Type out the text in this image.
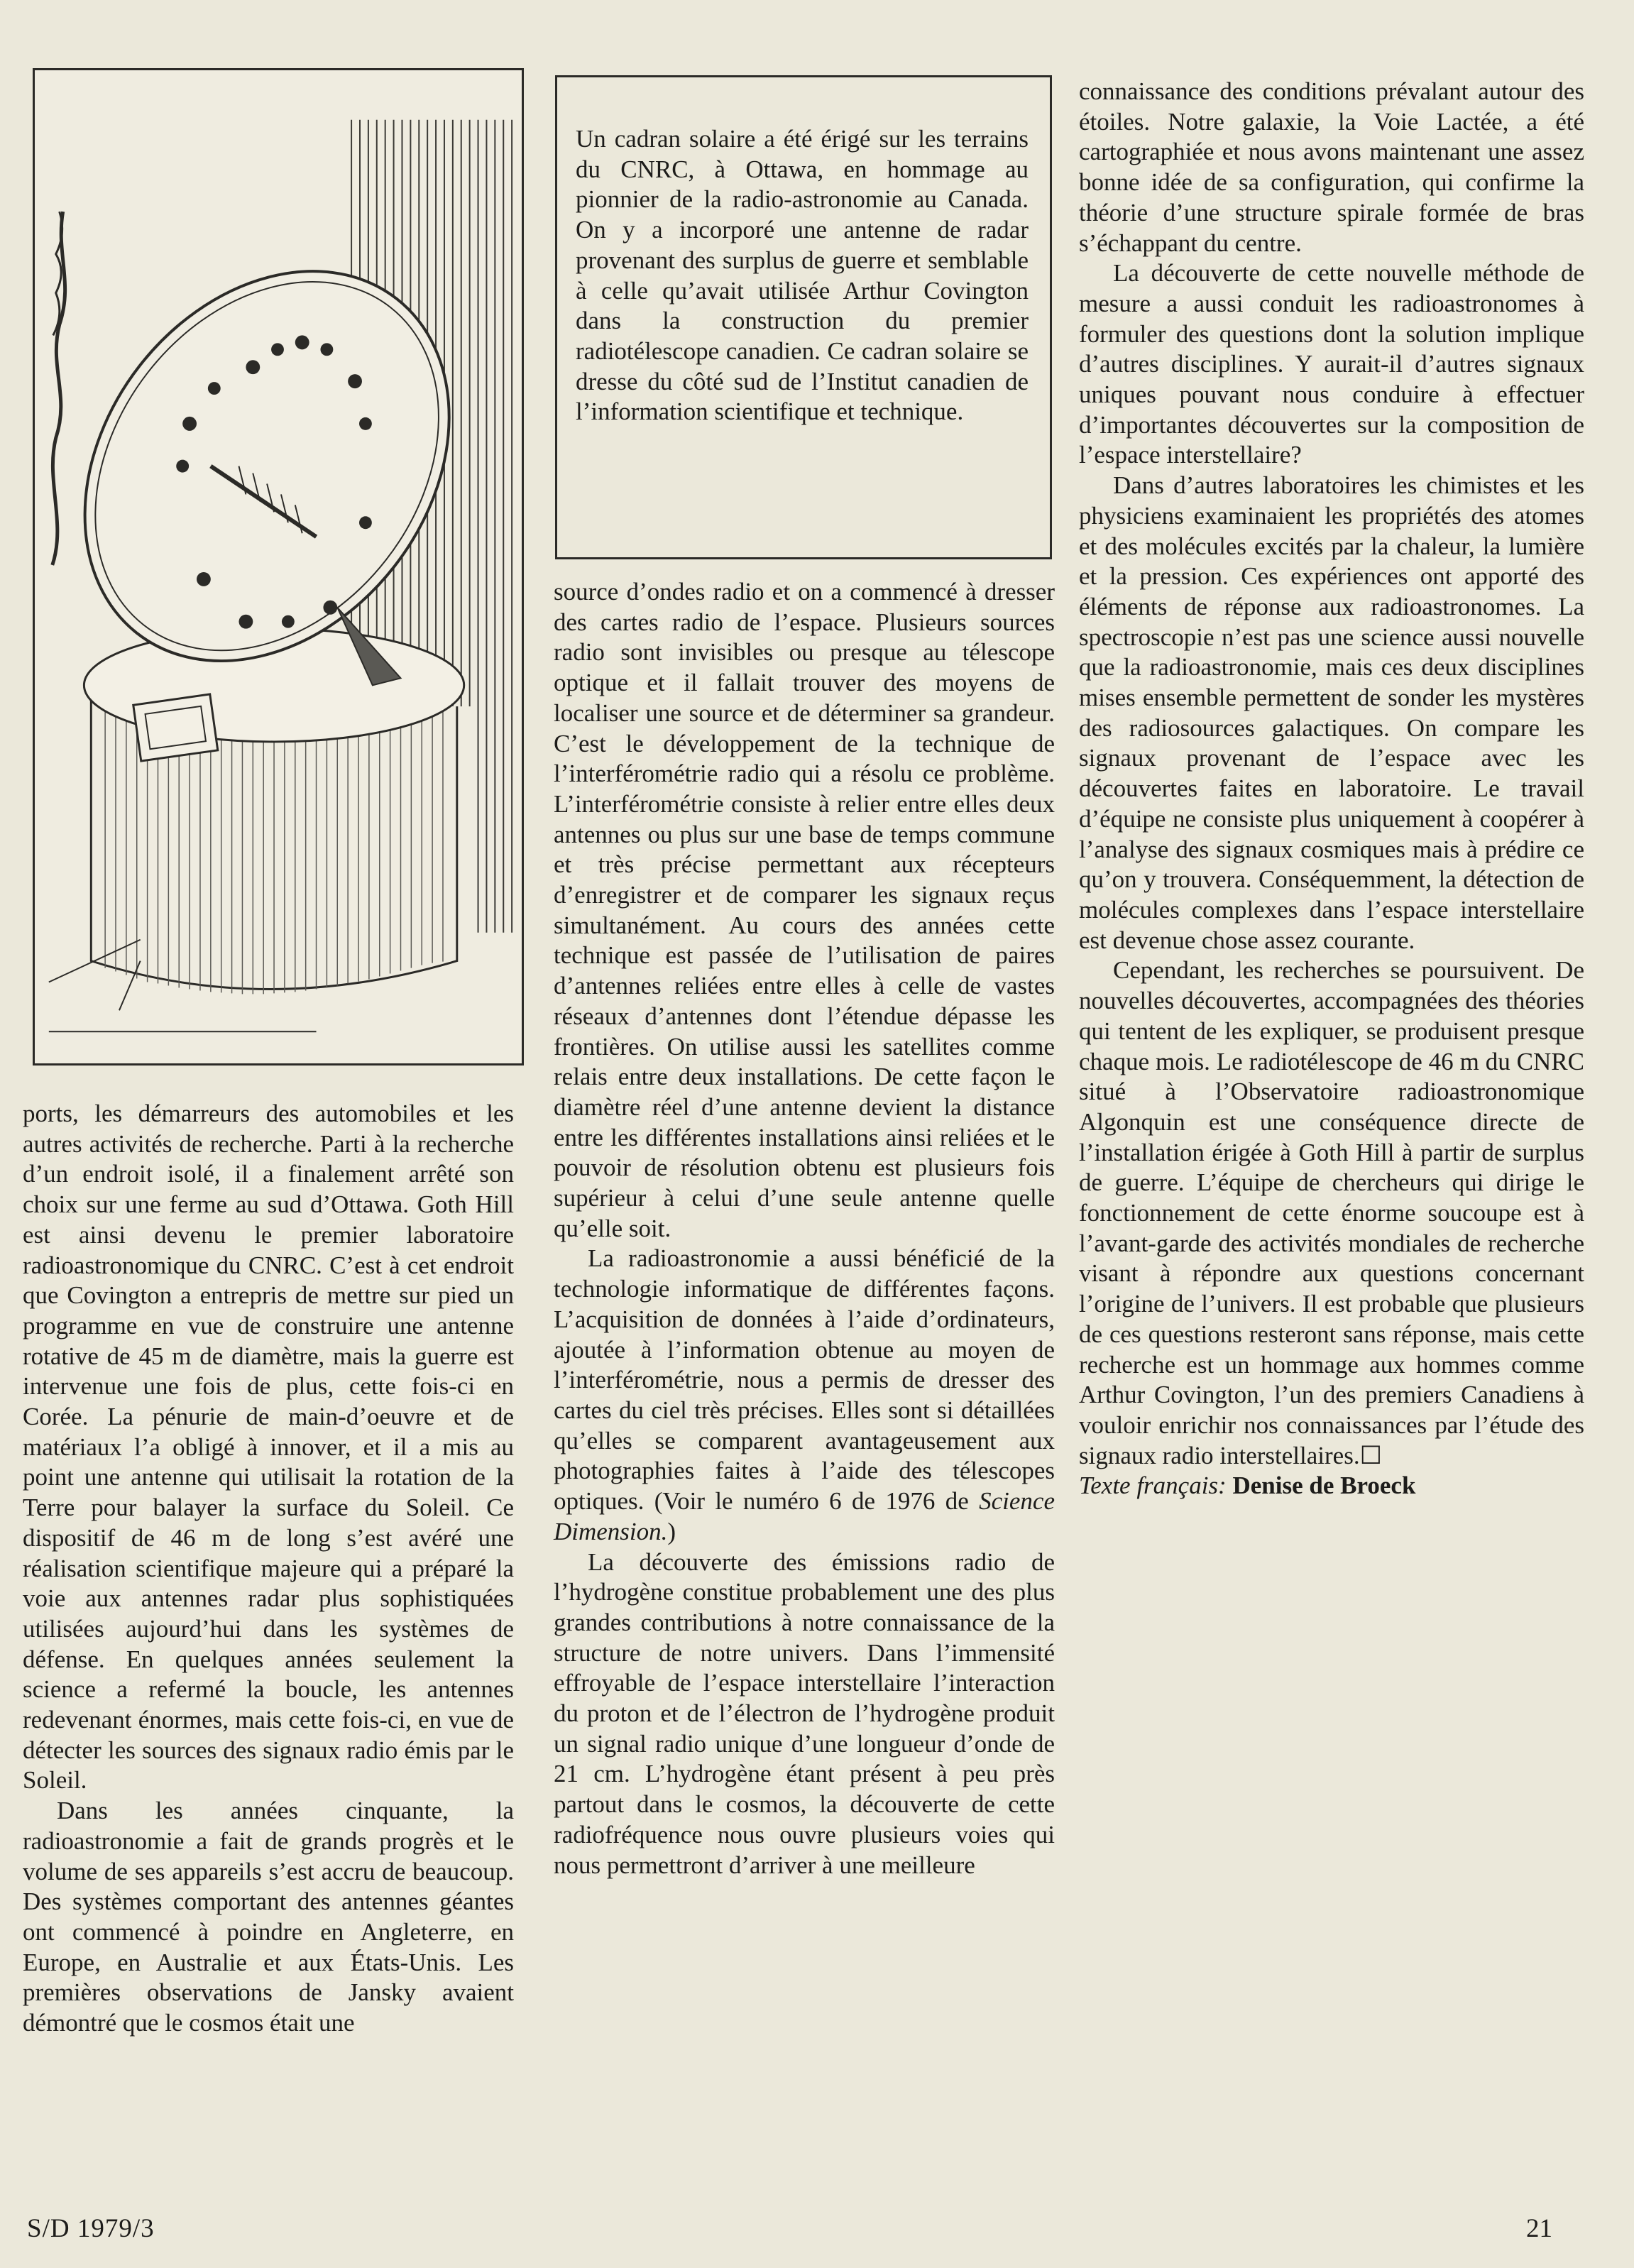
Un cadran solaire a été érigé sur les terrains du CNRC, à Ottawa, en hommage au pionnier de la radio-astronomie au Canada. On y a incorporé une antenne de radar provenant des surplus de guerre et semblable à celle qu’avait utilisée Arthur Covington dans la construction du premier radiotélescope canadien. Ce cadran solaire se dresse du côté sud de l’Institut canadien de l’information scientifique et technique.

ports, les démarreurs des automobiles et les autres activités de recherche. Parti à la recherche d’un endroit isolé, il a finalement arrêté son choix sur une ferme au sud d’Ottawa. Goth Hill est ainsi devenu le premier laboratoire radioastronomique du CNRC. C’est à cet endroit que Covington a entrepris de mettre sur pied un programme en vue de construire une antenne rotative de 45 m de diamètre, mais la guerre est intervenue une fois de plus, cette fois-ci en Corée. La pénurie de main-d’oeuvre et de matériaux l’a obligé à innover, et il a mis au point une antenne qui utilisait la rotation de la Terre pour balayer la surface du Soleil. Ce dispositif de 46 m de long s’est avéré une réalisation scientifique majeure qui a préparé la voie aux antennes radar plus sophistiquées utilisées aujourd’hui dans les systèmes de défense. En quelques années seulement la science a refermé la boucle, les antennes redevenant énormes, mais cette fois-ci, en vue de détecter les sources des signaux radio émis par le Soleil.

Dans les années cinquante, la radioastronomie a fait de grands progrès et le volume de ses appareils s’est accru de beaucoup. Des systèmes comportant des antennes géantes ont commencé à poindre en Angleterre, en Europe, en Australie et aux États-Unis. Les premières observations de Jansky avaient démontré que le cosmos était une

source d’ondes radio et on a commencé à dresser des cartes radio de l’espace. Plusieurs sources radio sont invisibles ou presque au télescope optique et il fallait trouver des moyens de localiser une source et de déterminer sa grandeur. C’est le développement de la technique de l’interférométrie radio qui a résolu ce problème. L’interférométrie consiste à relier entre elles deux antennes ou plus sur une base de temps commune et très précise permettant aux récepteurs d’enregistrer et de comparer les signaux reçus simultanément. Au cours des années cette technique est passée de l’utilisation de paires d’antennes reliées entre elles à celle de vastes réseaux d’antennes dont l’étendue dépasse les frontières. On utilise aussi les satellites comme relais entre deux installations. De cette façon le diamètre réel d’une antenne devient la distance entre les différentes installations ainsi reliées et le pouvoir de résolution obtenu est plusieurs fois supérieur à celui d’une seule antenne quelle qu’elle soit.

La radioastronomie a aussi bénéficié de la technologie informatique de différentes façons. L’acquisition de données à l’aide d’ordinateurs, ajoutée à l’information obtenue au moyen de l’interférométrie, nous a permis de dresser des cartes du ciel très précises. Elles sont si détaillées qu’elles se comparent avantageusement aux photographies faites à l’aide des télescopes optiques. (Voir le numéro 6 de 1976 de Science Dimension.)

La découverte des émissions radio de l’hydrogène constitue probablement une des plus grandes contributions à notre connaissance de la structure de notre univers. Dans l’immensité effroyable de l’espace interstellaire l’interaction du proton et de l’électron de l’hydrogène produit un signal radio unique d’une longueur d’onde de 21 cm. L’hydrogène étant présent à peu près partout dans le cosmos, la découverte de cette radiofréquence nous ouvre plusieurs voies qui nous permettront d’arriver à une meilleure

connaissance des conditions prévalant autour des étoiles. Notre galaxie, la Voie Lactée, a été cartographiée et nous avons maintenant une assez bonne idée de sa configuration, qui confirme la théorie d’une structure spirale formée de bras s’échappant du centre.

La découverte de cette nouvelle méthode de mesure a aussi conduit les radioastronomes à formuler des questions dont la solution implique d’autres disciplines. Y aurait-il d’autres signaux uniques pouvant nous conduire à effectuer d’importantes découvertes sur la composition de l’espace interstellaire?

Dans d’autres laboratoires les chimistes et les physiciens examinaient les propriétés des atomes et des molécules excités par la chaleur, la lumière et la pression. Ces expériences ont apporté des éléments de réponse aux radioastronomes. La spectroscopie n’est pas une science aussi nouvelle que la radioastronomie, mais ces deux disciplines mises ensemble permettent de sonder les mystères des radiosources galactiques. On compare les signaux provenant de l’espace avec les découvertes faites en laboratoire. Le travail d’équipe ne consiste plus uniquement à coopérer à l’analyse des signaux cosmiques mais à prédire ce qu’on y trouvera. Conséquemment, la détection de molécules complexes dans l’espace interstellaire est devenue chose assez courante.

Cependant, les recherches se poursuivent. De nouvelles découvertes, accompagnées des théories qui tentent de les expliquer, se produisent presque chaque mois. Le radiotélescope de 46 m du CNRC situé à l’Observatoire radioastronomique Algonquin est une conséquence directe de l’installation érigée à Goth Hill à partir de surplus de guerre. L’équipe de chercheurs qui dirige le fonctionnement de cette énorme soucoupe est à l’avant-garde des activités mondiales de recherche visant à répondre aux questions concernant l’origine de l’univers. Il est probable que plusieurs de ces questions resteront sans réponse, mais cette recherche est un hommage aux hommes comme Arthur Covington, l’un des premiers Canadiens à vouloir enrichir nos connaissances par l’étude des signaux radio interstellaires.☐

Texte français: Denise de Broeck

S/D 1979/3	21
